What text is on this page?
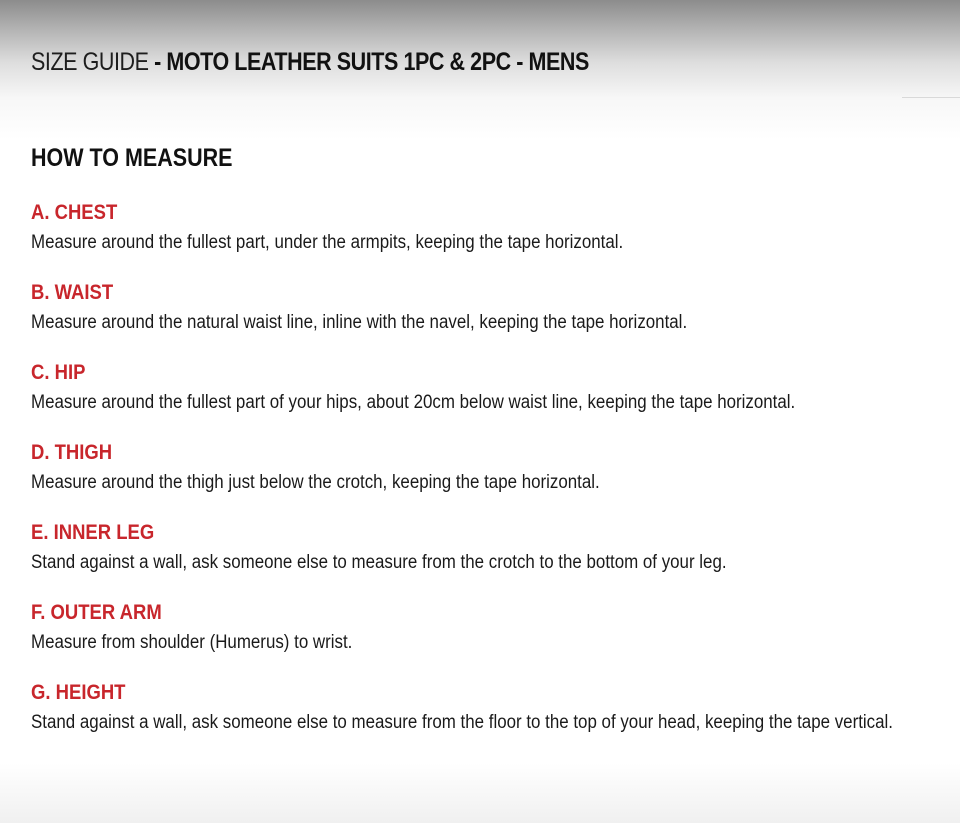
SIZE GUIDE - MOTO LEATHER SUITS 1PC & 2PC - MENS
HOW TO MEASURE
A. CHEST
Measure around the fullest part, under the armpits, keeping the tape horizontal.
B. WAIST
Measure around the natural waist line, inline with the navel, keeping the tape horizontal.
C. HIP
Measure around the fullest part of your hips, about 20cm below waist line, keeping the tape horizontal.
D. THIGH
Measure around the thigh just below the crotch, keeping the tape horizontal.
E. INNER LEG
Stand against a wall, ask someone else to measure from the crotch to the bottom of your leg.
F. OUTER ARM
Measure from shoulder (Humerus) to wrist.
G. HEIGHT
Stand against a wall, ask someone else to measure from the floor to the top of your head, keeping the tape vertical.
